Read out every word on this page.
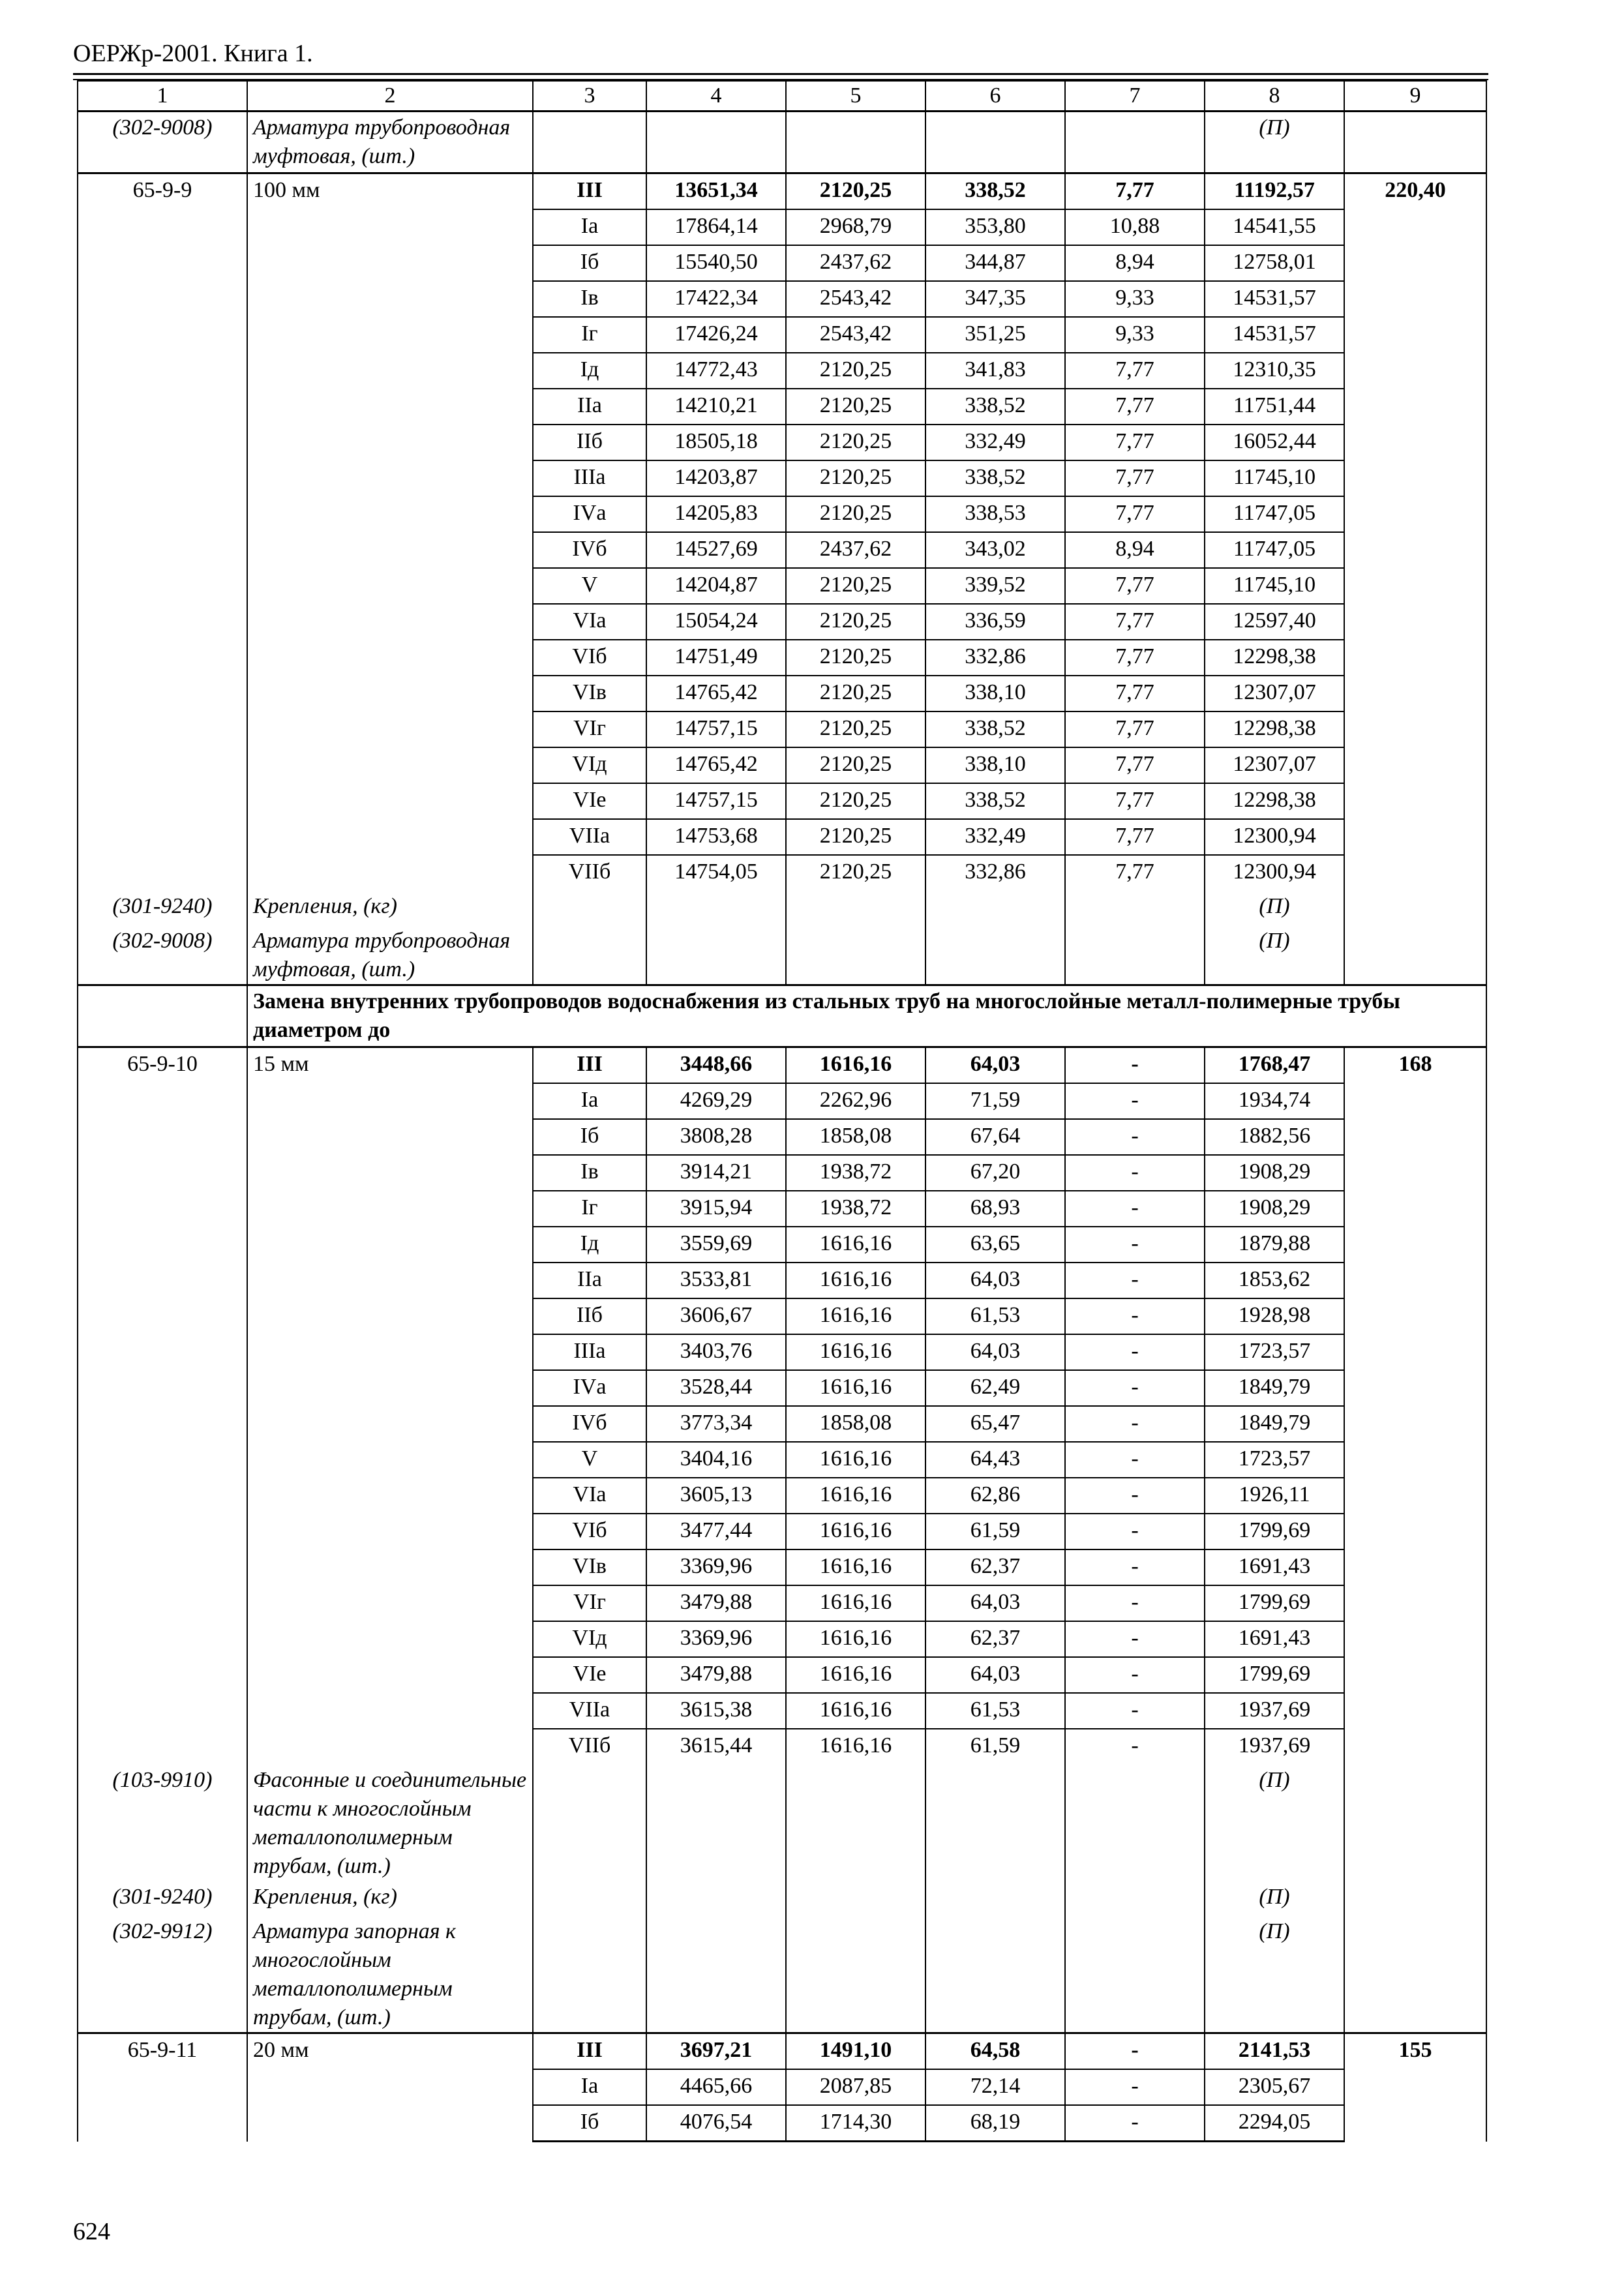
ОЕРЖр-2001. Книга 1.
1	2	3	4	5	6	7	8	9
(302-9008)	Арматура трубопроводная муфтовая, (шт.)						(П)	
65-9-9	100 мм	III	13651,34	2120,25	338,52	7,77	11192,57	220,40
		Iа	17864,14	2968,79	353,80	10,88	14541,55	
		Iб	15540,50	2437,62	344,87	8,94	12758,01	
		Iв	17422,34	2543,42	347,35	9,33	14531,57	
		Iг	17426,24	2543,42	351,25	9,33	14531,57	
		Iд	14772,43	2120,25	341,83	7,77	12310,35	
		IIа	14210,21	2120,25	338,52	7,77	11751,44	
		IIб	18505,18	2120,25	332,49	7,77	16052,44	
		IIIа	14203,87	2120,25	338,52	7,77	11745,10	
		IVа	14205,83	2120,25	338,53	7,77	11747,05	
		IVб	14527,69	2437,62	343,02	8,94	11747,05	
		V	14204,87	2120,25	339,52	7,77	11745,10	
		VIа	15054,24	2120,25	336,59	7,77	12597,40	
		VIб	14751,49	2120,25	332,86	7,77	12298,38	
		VIв	14765,42	2120,25	338,10	7,77	12307,07	
		VIг	14757,15	2120,25	338,52	7,77	12298,38	
		VIд	14765,42	2120,25	338,10	7,77	12307,07	
		VIе	14757,15	2120,25	338,52	7,77	12298,38	
		VIIа	14753,68	2120,25	332,49	7,77	12300,94	
		VIIб	14754,05	2120,25	332,86	7,77	12300,94	
(301-9240)	Крепления, (кг)						(П)	
(302-9008)	Арматура трубопроводная муфтовая, (шт.)						(П)	
	Замена внутренних трубопроводов водоснабжения из стальных труб на многослойные металл-полимерные трубы диаметром до							
65-9-10	15 мм	III	3448,66	1616,16	64,03	-	1768,47	168
		Iа	4269,29	2262,96	71,59	-	1934,74	
		Iб	3808,28	1858,08	67,64	-	1882,56	
		Iв	3914,21	1938,72	67,20	-	1908,29	
		Iг	3915,94	1938,72	68,93	-	1908,29	
		Iд	3559,69	1616,16	63,65	-	1879,88	
		IIа	3533,81	1616,16	64,03	-	1853,62	
		IIб	3606,67	1616,16	61,53	-	1928,98	
		IIIа	3403,76	1616,16	64,03	-	1723,57	
		IVа	3528,44	1616,16	62,49	-	1849,79	
		IVб	3773,34	1858,08	65,47	-	1849,79	
		V	3404,16	1616,16	64,43	-	1723,57	
		VIа	3605,13	1616,16	62,86	-	1926,11	
		VIб	3477,44	1616,16	61,59	-	1799,69	
		VIв	3369,96	1616,16	62,37	-	1691,43	
		VIг	3479,88	1616,16	64,03	-	1799,69	
		VIд	3369,96	1616,16	62,37	-	1691,43	
		VIе	3479,88	1616,16	64,03	-	1799,69	
		VIIа	3615,38	1616,16	61,53	-	1937,69	
		VIIб	3615,44	1616,16	61,59	-	1937,69	
(103-9910)	Фасонные и соединительные части к многослойным металлополимерным трубам, (шт.)						(П)	
(301-9240)	Крепления, (кг)						(П)	
(302-9912)	Арматура запорная к многослойным металлополимерным трубам, (шт.)						(П)	
65-9-11	20 мм	III	3697,21	1491,10	64,58	-	2141,53	155
		Iа	4465,66	2087,85	72,14	-	2305,67	
		Iб	4076,54	1714,30	68,19	-	2294,05	
624
